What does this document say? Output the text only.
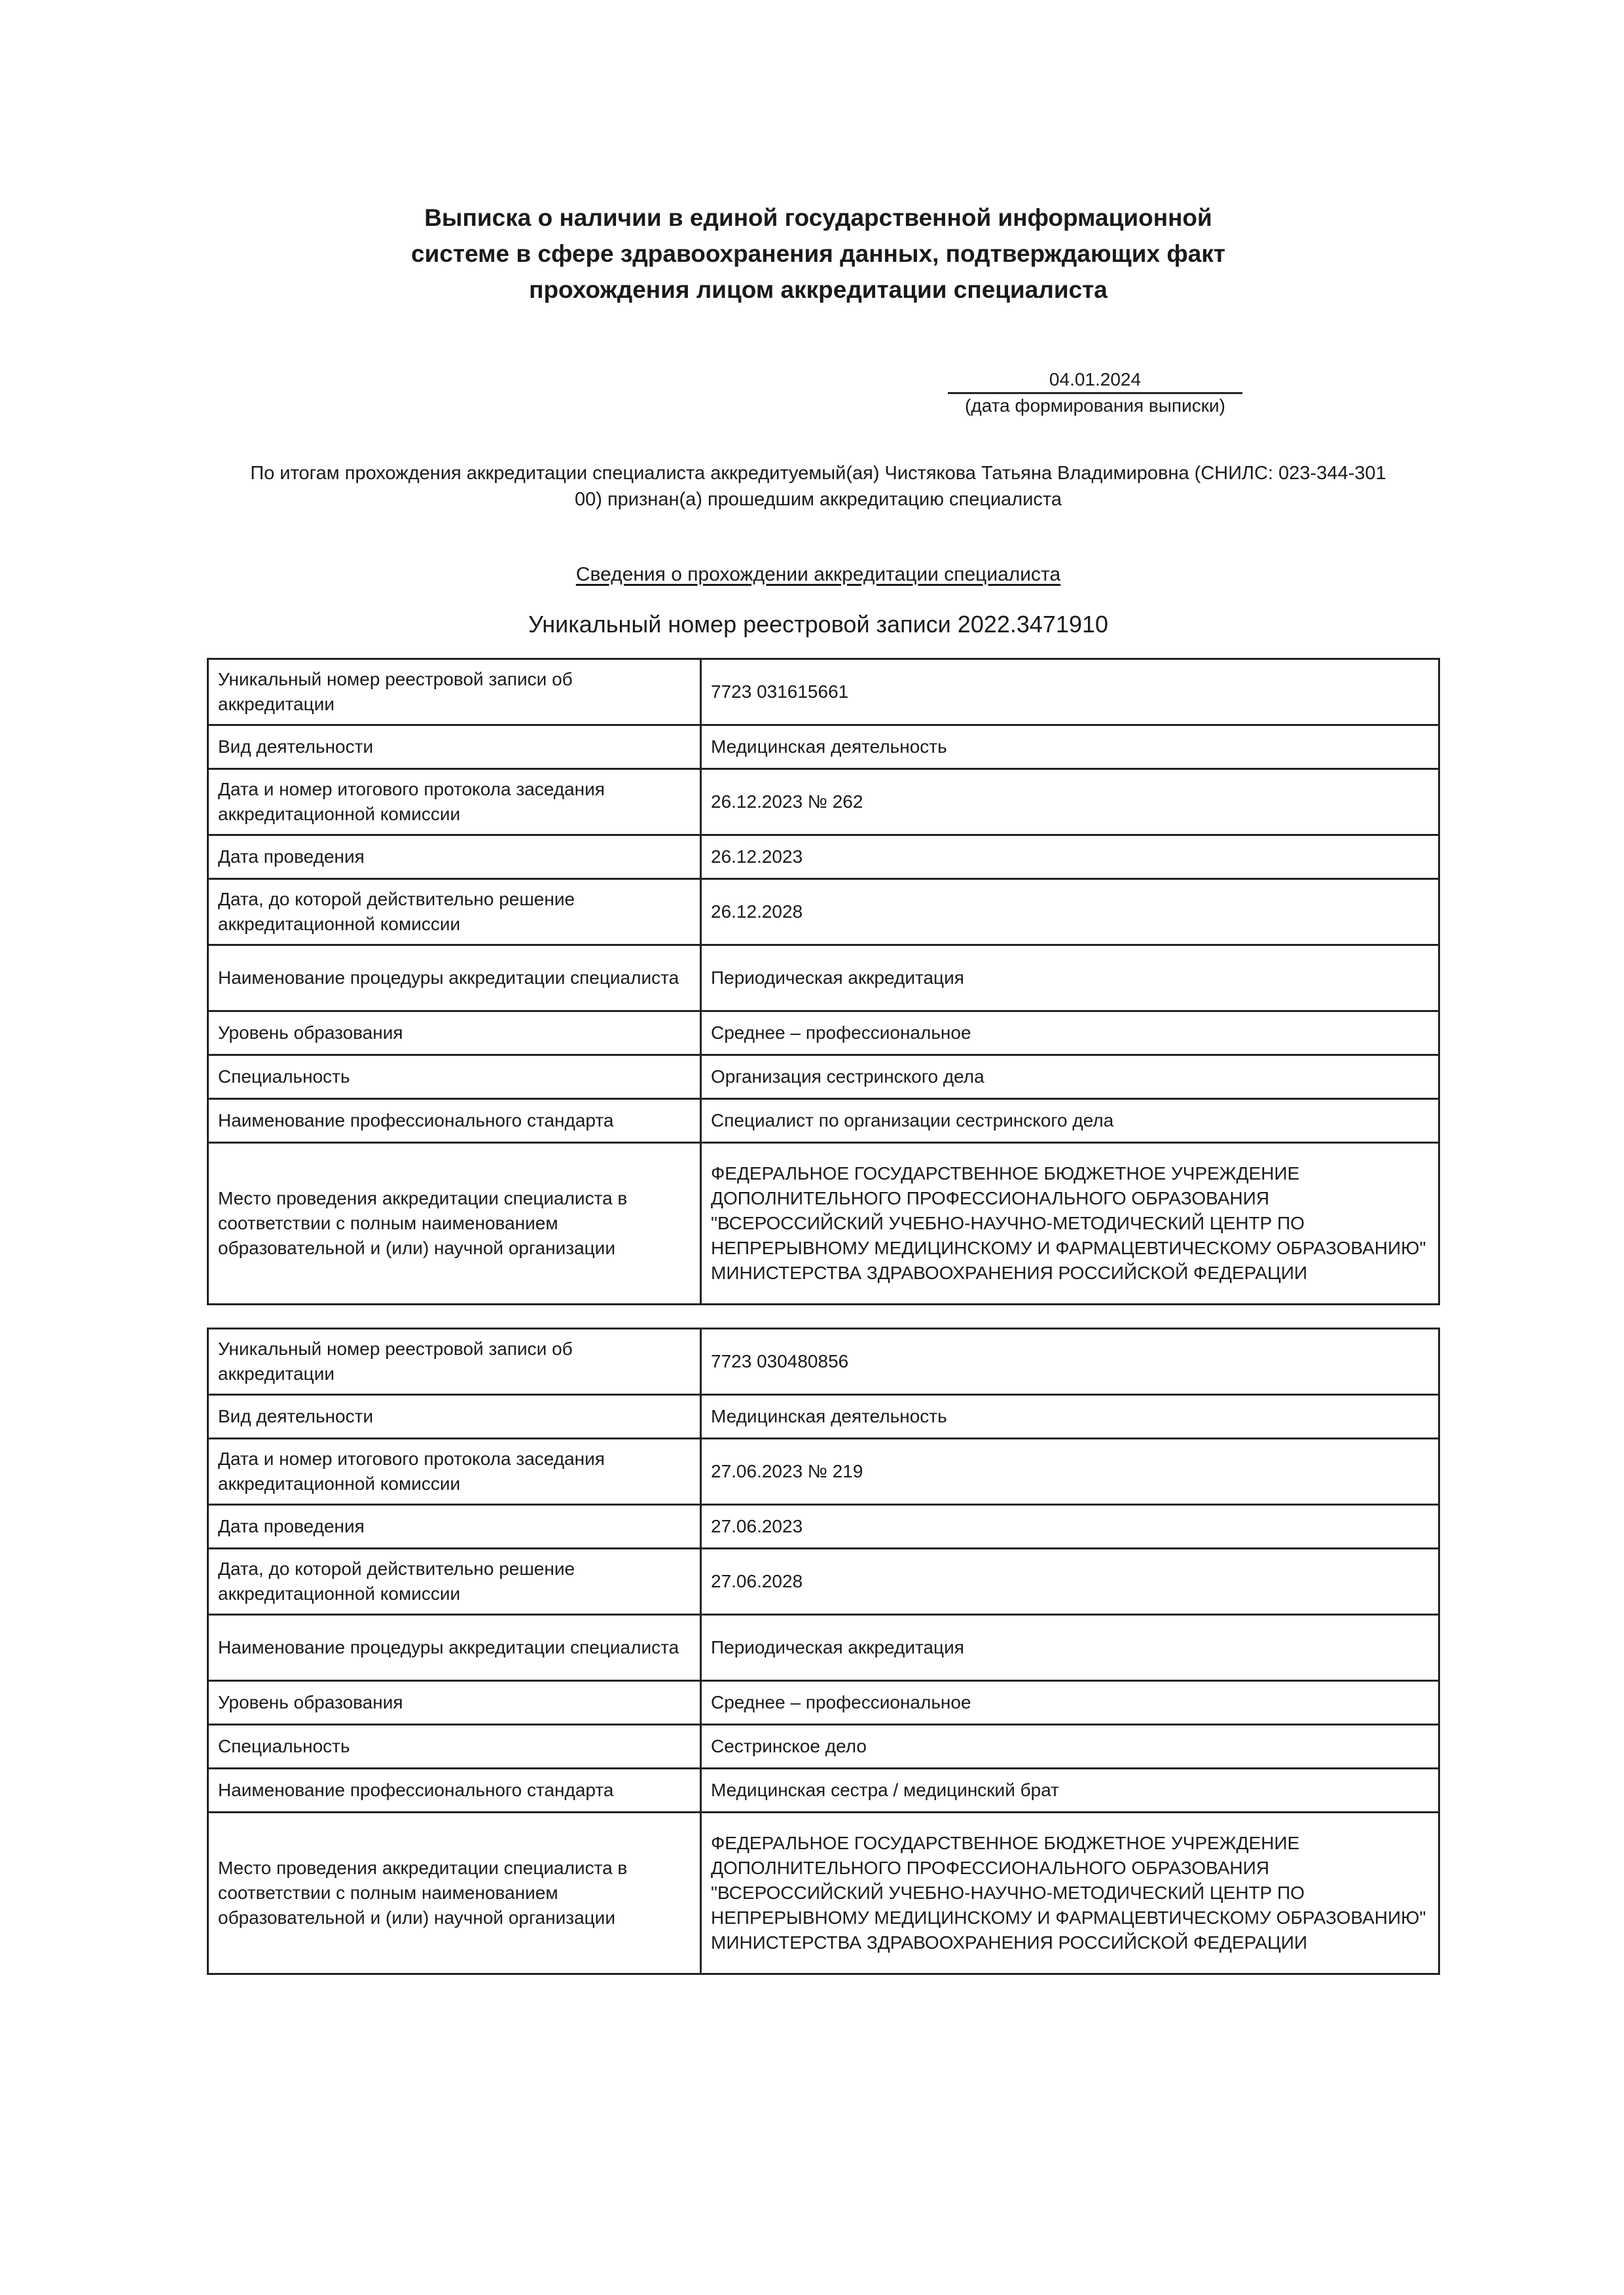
Выписка о наличии в единой государственной информационной
системе в сфере здравоохранения данных, подтверждающих факт
прохождения лицом аккредитации специалиста
04.01.2024
(дата формирования выписки)
По итогам прохождения аккредитации специалиста аккредитуемый(ая) Чистякова Татьяна Владимировна (СНИЛС: 023-344-301
00) признан(а) прошедшим аккредитацию специалиста
Сведения о прохождении аккредитации специалиста
Уникальный номер реестровой записи 2022.3471910
Уникальный номер реестровой записи об аккредитации	7723 031615661
Вид деятельности	Медицинская деятельность
Дата и номер итогового протокола заседания аккредитационной комиссии	26.12.2023 № 262
Дата проведения	26.12.2023
Дата, до которой действительно решение аккредитационной комиссии	26.12.2028
Наименование процедуры аккредитации специалиста	Периодическая аккредитация
Уровень образования	Среднее – профессиональное
Специальность	Организация сестринского дела
Наименование профессионального стандарта	Специалист по организации сестринского дела
Место проведения аккредитации специалиста в соответствии с полным наименованием образовательной и (или) научной организации	ФЕДЕРАЛЬНОЕ ГОСУДАРСТВЕННОЕ БЮДЖЕТНОЕ УЧРЕЖДЕНИЕ ДОПОЛНИТЕЛЬНОГО ПРОФЕССИОНАЛЬНОГО ОБРАЗОВАНИЯ "ВСЕРОССИЙСКИЙ УЧЕБНО-НАУЧНО-МЕТОДИЧЕСКИЙ ЦЕНТР ПО НЕПРЕРЫВНОМУ МЕДИЦИНСКОМУ И ФАРМАЦЕВТИЧЕСКОМУ ОБРАЗОВАНИЮ" МИНИСТЕРСТВА ЗДРАВООХРАНЕНИЯ РОССИЙСКОЙ ФЕДЕРАЦИИ
Уникальный номер реестровой записи об аккредитации	7723 030480856
Вид деятельности	Медицинская деятельность
Дата и номер итогового протокола заседания аккредитационной комиссии	27.06.2023 № 219
Дата проведения	27.06.2023
Дата, до которой действительно решение аккредитационной комиссии	27.06.2028
Наименование процедуры аккредитации специалиста	Периодическая аккредитация
Уровень образования	Среднее – профессиональное
Специальность	Сестринское дело
Наименование профессионального стандарта	Медицинская сестра / медицинский брат
Место проведения аккредитации специалиста в соответствии с полным наименованием образовательной и (или) научной организации	ФЕДЕРАЛЬНОЕ ГОСУДАРСТВЕННОЕ БЮДЖЕТНОЕ УЧРЕЖДЕНИЕ ДОПОЛНИТЕЛЬНОГО ПРОФЕССИОНАЛЬНОГО ОБРАЗОВАНИЯ "ВСЕРОССИЙСКИЙ УЧЕБНО-НАУЧНО-МЕТОДИЧЕСКИЙ ЦЕНТР ПО НЕПРЕРЫВНОМУ МЕДИЦИНСКОМУ И ФАРМАЦЕВТИЧЕСКОМУ ОБРАЗОВАНИЮ" МИНИСТЕРСТВА ЗДРАВООХРАНЕНИЯ РОССИЙСКОЙ ФЕДЕРАЦИИ
